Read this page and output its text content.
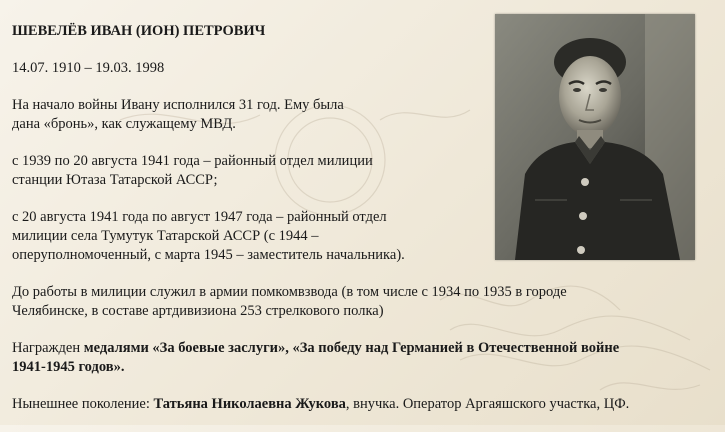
ШЕВЕЛЁВ ИВАН (ИОН) ПЕТРОВИЧ

14.07. 1910 – 19.03. 1998

На начало войны Ивану исполнился 31 год. Ему была
дана «бронь», как служащему МВД.

с 1939 по 20 августа 1941 года – районный отдел милиции
станции Ютаза Татарской АССР;

с 20 августа 1941 года по август 1947 года – районный отдел
милиции села Тумутук Татарской АССР (с 1944 –
оперуполномоченный, с марта 1945 – заместитель начальника).

До работы в милиции служил в армии помкомвзвода (в том числе с 1934 по 1935 в городе
Челябинске, в составе артдивизиона 253 стрелкового полка)

Награжден медалями «За боевые заслуги», «За победу над Германией в Отечественной войне
1941-1945 годов».

Нынешнее поколение: Татьяна Николаевна Жукова, внучка. Оператор Аргаяшского участка, ЦФ.
